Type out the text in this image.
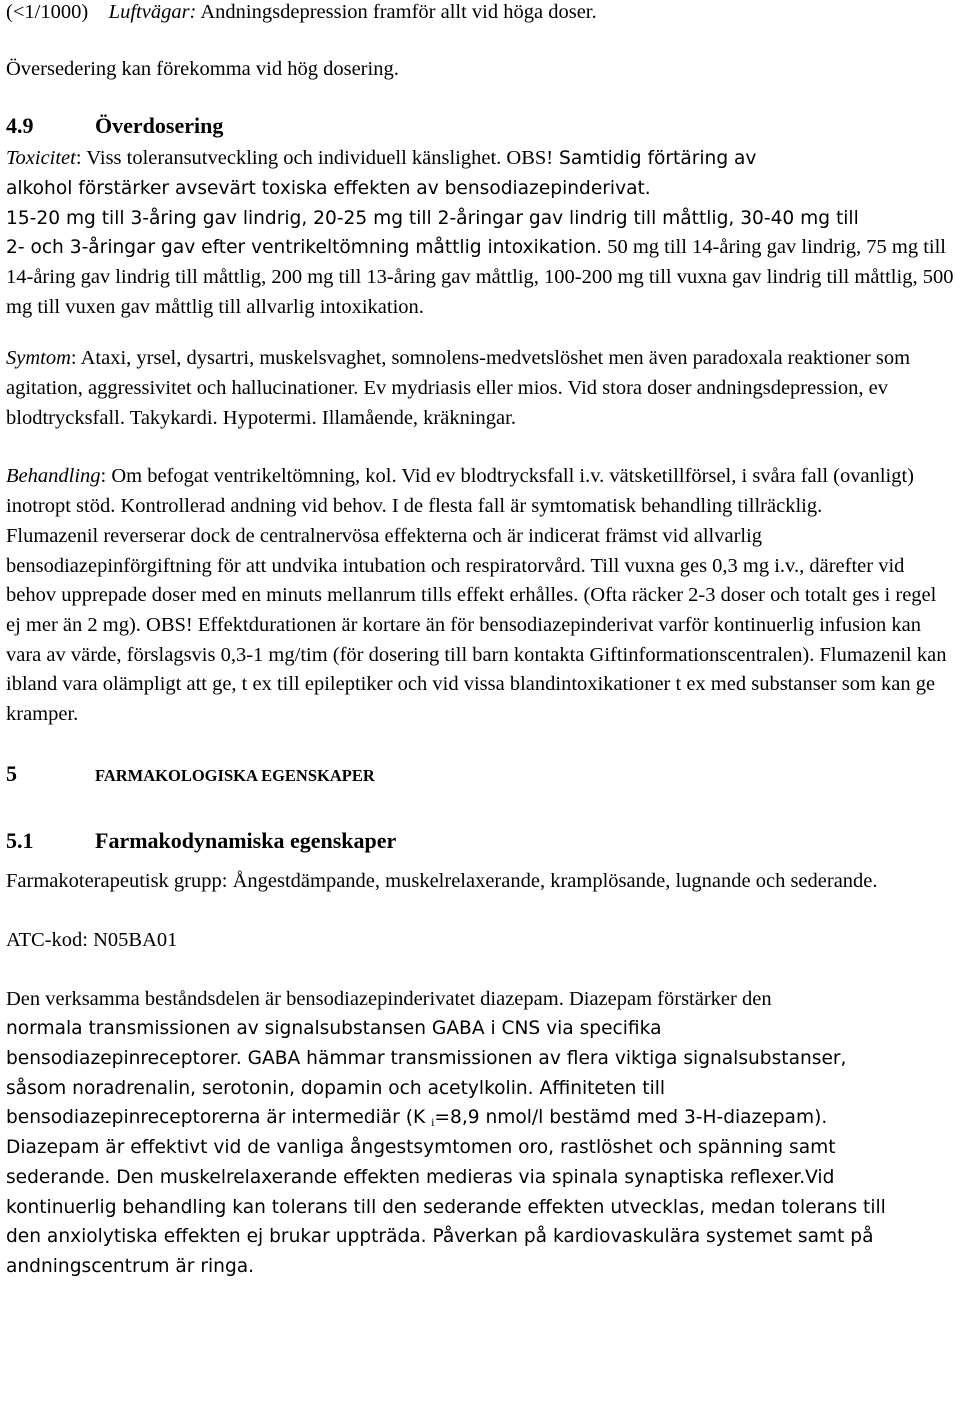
(<1/1000) Luftvägar: Andningsdepression framför allt vid höga doser.

Översedering kan förekomma vid hög dosering.

4.9	Överdosering

Toxicitet: Viss toleransutveckling och individuell känslighet. OBS! Samtidig förtäring av
alkohol förstärker avsevärt toxiska effekten av bensodiazepinderivat.
15-20 mg till 3-åring gav lindrig, 20-25 mg till 2-åringar gav lindrig till måttlig, 30-40 mg till
2- och 3-åringar gav efter ventrikeltömning måttlig intoxikation. 50 mg till 14-åring gav lindrig, 75 mg till 14-åring gav lindrig till måttlig, 200 mg till 13-åring gav måttlig, 100-200 mg till vuxna gav lindrig till måttlig, 500 mg till vuxen gav måttlig till allvarlig intoxikation.

Symtom: Ataxi, yrsel, dysartri, muskelsvaghet, somnolens-medvetslöshet men även paradoxala reaktioner som agitation, aggressivitet och hallucinationer. Ev mydriasis eller mios. Vid stora doser andningsdepression, ev blodtrycksfall. Takykardi. Hypotermi. Illamående, kräkningar.

Behandling: Om befogat ventrikeltömning, kol. Vid ev blodtrycksfall i.v. vätsketillförsel, i svåra fall (ovanligt) inotropt stöd. Kontrollerad andning vid behov. I de flesta fall är symtomatisk behandling tillräcklig.

Flumazenil reverserar dock de centralnervösa effekterna och är indicerat främst vid allvarlig bensodiazepinförgiftning för att undvika intubation och respiratorvård. Till vuxna ges 0,3 mg i.v., därefter vid behov upprepade doser med en minuts mellanrum tills effekt erhålles. (Ofta räcker 2-3 doser och totalt ges i regel ej mer än 2 mg). OBS! Effektdurationen är kortare än för bensodiazepinderivat varför kontinuerlig infusion kan vara av värde, förslagsvis 0,3-1 mg/tim (för dosering till barn kontakta Giftinformationscentralen). Flumazenil kan ibland vara olämpligt att ge, t ex till epileptiker och vid vissa blandintoxikationer t ex med substanser som kan ge kramper.

5	FARMAKOLOGISKA EGENSKAPER

5.1	Farmakodynamiska egenskaper

Farmakoterapeutisk grupp: Ångestdämpande, muskelrelaxerande, kramplösande, lugnande och sederande.

ATC-kod: N05BA01

Den verksamma beståndsdelen är bensodiazepinderivatet diazepam. Diazepam förstärker den
normala transmissionen av signalsubstansen GABA i CNS via specifika
bensodiazepinreceptorer. GABA hämmar transmissionen av flera viktiga signalsubstanser,
såsom noradrenalin, serotonin, dopamin och acetylkolin. Affiniteten till
bensodiazepinreceptorerna är intermediär (K $_i$=8,9 nmol/l bestämd med 3-H-diazepam).
Diazepam är effektivt vid de vanliga ångestsymtomen oro, rastlöshet och spänning samt
sederande. Den muskelrelaxerande effekten medieras via spinala synaptiska reflexer.Vid
kontinuerlig behandling kan tolerans till den sederande effekten utvecklas, medan tolerans till
den anxiolytiska effekten ej brukar uppträda. Påverkan på kardiovaskulära systemet samt på
andningscentrum är ringa.
